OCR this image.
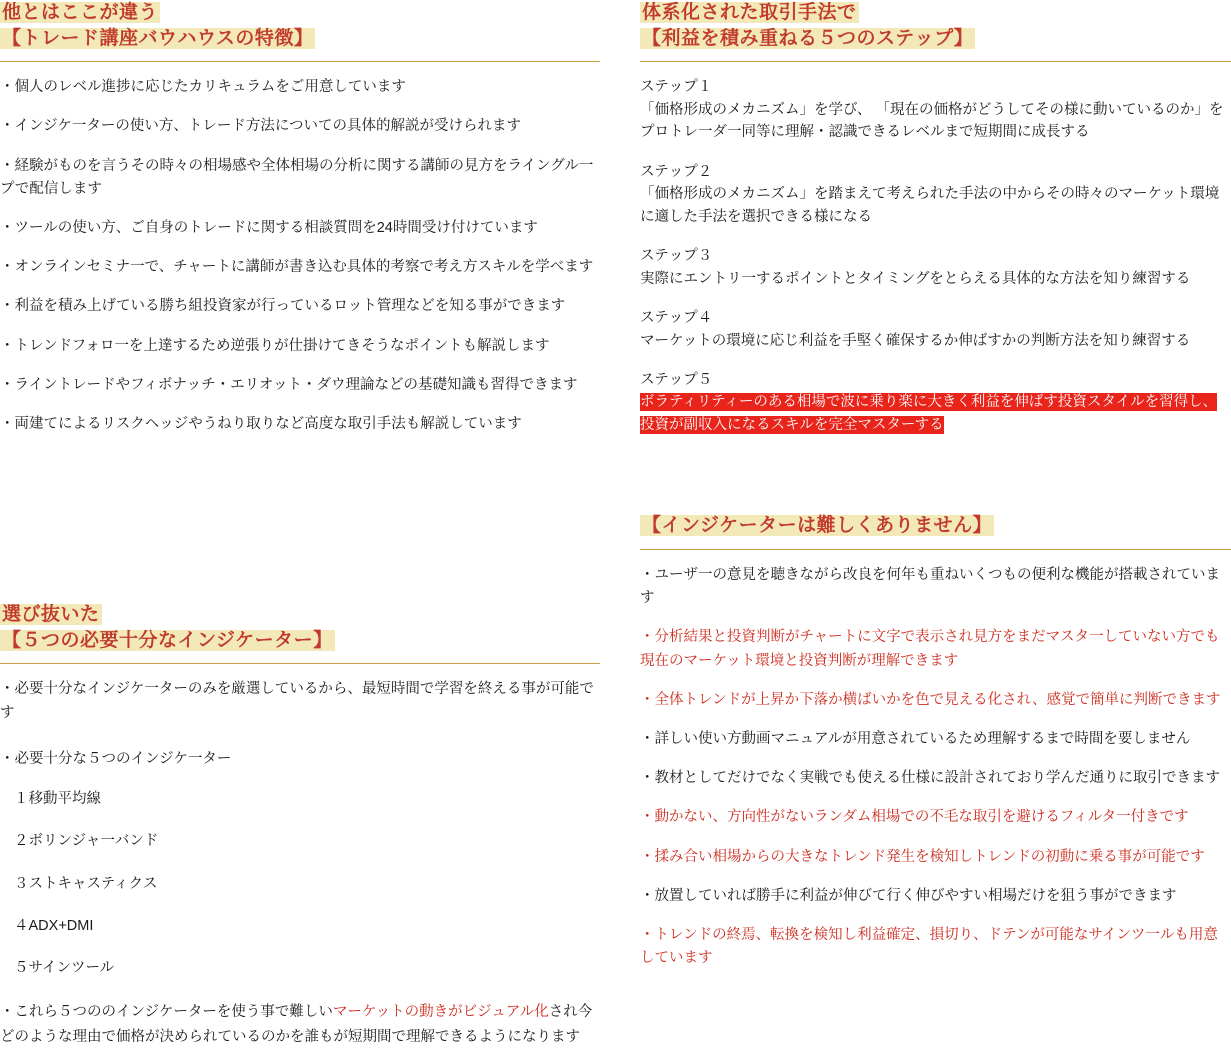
他とはここが違う
【トレード講座バウハウスの特徴】
・個人のレベル進捗に応じたカリキュラムをご用意しています
・インジケ一ターの使い方、トレード方法についての具体的解説が受けられます
・経験がものを言うその時々の相場感や全体相場の分析に関する講師の見方をライングル一プで配信します
・ツールの使い方、ご自身のトレードに関する相談質問を24時間受け付けています
・オンラインセミナ一で、チャートに講師が書き込む具体的考察で考え方スキルを学べます
・利益を積み上げている勝ち組投資家が行っているロット管理などを知る事ができます
・トレンドフォロ一を上達するため逆張りが仕掛けてきそうなポイントも解説します
・ライントレードやフィボナッチ・エリオット・ダウ理論などの基礎知識も習得できます
・両建てによるリスクヘッジやうねり取りなど高度な取引手法も解説しています
選び抜いた
【５つの必要十分なインジケーター】

・必要十分なインジケ一ターのみを厳選しているから、最短時間で学習を終える事が可能です

・必要十分な５つのインジケ一ター

１移動平均線
２ボリンジャ一バンド
３ストキャスティクス
４ADX+DMI
５サインツール

・これら５つののインジケーターを使う事で難しいマーケットの動きがビジュアル化され今どのような理由で価格が決められているのかを誰もが短期間で理解できるようになります

体系化された取引手法で
【利益を積み重ねる５つのステップ】
ステップ１
「価格形成のメカニズム」を学び、 「現在の価格がどうしてその様に動いているのか」をプロトレ一ダ一同等に理解・認識できるレベルまで短期間に成長する
ステップ２
「価格形成のメカニズム」を踏まえて考えられた手法の中からその時々のマーケット環境に適した手法を選択できる様になる
ステップ３
実際にエントリ一するポイントとタイミングをとらえる具体的な方法を知り練習する
ステップ４
マーケットの環境に応じ利益を手堅く確保するか伸ばすかの判断方法を知り練習する
ステップ５
ボラティリティーのある相場で波に乗り楽に大きく利益を伸ばす投資スタイルを習得し、投資が副収入になるスキルを完全マスターする
【インジケーターは難しくありません】
・ユーザ一の意見を聴きながら改良を何年も重ねいくつもの便利な機能が搭載されています
・分析結果と投資判断がチャートに文字で表示され見方をまだマスタ一していない方でも現在のマーケット環境と投資判断が理解できます
・全体トレンドが上昇か下落か横ばいかを色で見える化され、感覚で簡単に判断できます
・詳しい使い方動画マニュアルが用意されているため理解するまで時間を要しません
・教材としてだけでなく実戦でも使える仕様に設計されており学んだ通りに取引できます
・動かない、方向性がないランダム相場での不毛な取引を避けるフィルタ一付きです
・揉み合い相場からの大きなトレンド発生を検知しトレンドの初動に乗る事が可能です
・放置していれば勝手に利益が伸びて行く伸びやすい相場だけを狙う事ができます
・トレンドの終焉、転換を検知し利益確定、損切り、ドテンが可能なサインツ一ルも用意しています
